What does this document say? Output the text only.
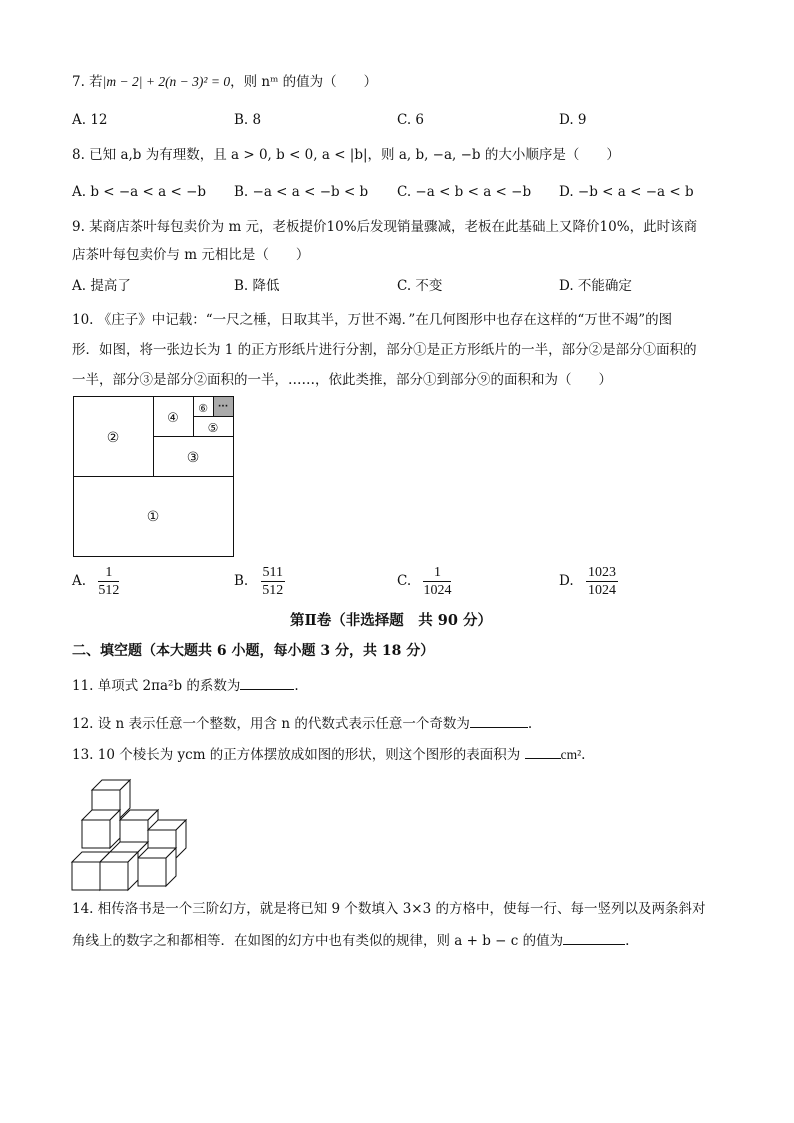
7. 若|m − 2| + 2(n − 3)² = 0，则 nᵐ 的值为（　　）
A. 12	B. 8	C. 6	D. 9
8. 已知 a,b 为有理数，且 a > 0, b < 0, a < |b|，则 a, b, −a, −b 的大小顺序是（　　）
A. b < −a < a < −b B. −a < a < −b < b C. −a < b < a < −b D. −b < a < −a < b
9. 某商店茶叶每包卖价为 m 元，老板提价10%后发现销量骤减，老板在此基础上又降价10%，此时该商
店茶叶每包卖价与 m 元相比是（　　）
A. 提高了	B. 降低	C. 不变	D. 不能确定
10. 《庄子》中记载：“一尺之棰，日取其半，万世不竭．”在几何图形中也存在这样的“万世不竭”的图
形．如图，将一张边长为 1 的正方形纸片进行分割，部分①是正方形纸片的一半，部分②是部分①面积的
一半，部分③是部分②面积的一半，……，依此类推，部分①到部分⑨的面积和为（　　）
①
②
③
④
⑤
⑥ ···
A. $\frac{1}{512}$	B. $\frac{511}{512}$	C. $\frac{1}{1024}$	D. $\frac{1023}{1024}$
第Ⅱ卷（非选择题　共 90 分）
二、填空题（本大题共 6 小题，每小题 3 分，共 18 分）
11. 单项式 2πa²b 的系数为	.
12. 设 n 表示任意一个整数，用含 n 的代数式表示任意一个奇数为	.
13. 10 个棱长为 ycm 的正方体摆放成如图的形状，则这个图形的表面积为	cm².
14. 相传洛书是一个三阶幻方，就是将已知 9 个数填入 3×3 的方格中，使每一行、每一竖列以及两条斜对
角线上的数字之和都相等．在如图的幻方中也有类似的规律，则 a + b − c 的值为	.
